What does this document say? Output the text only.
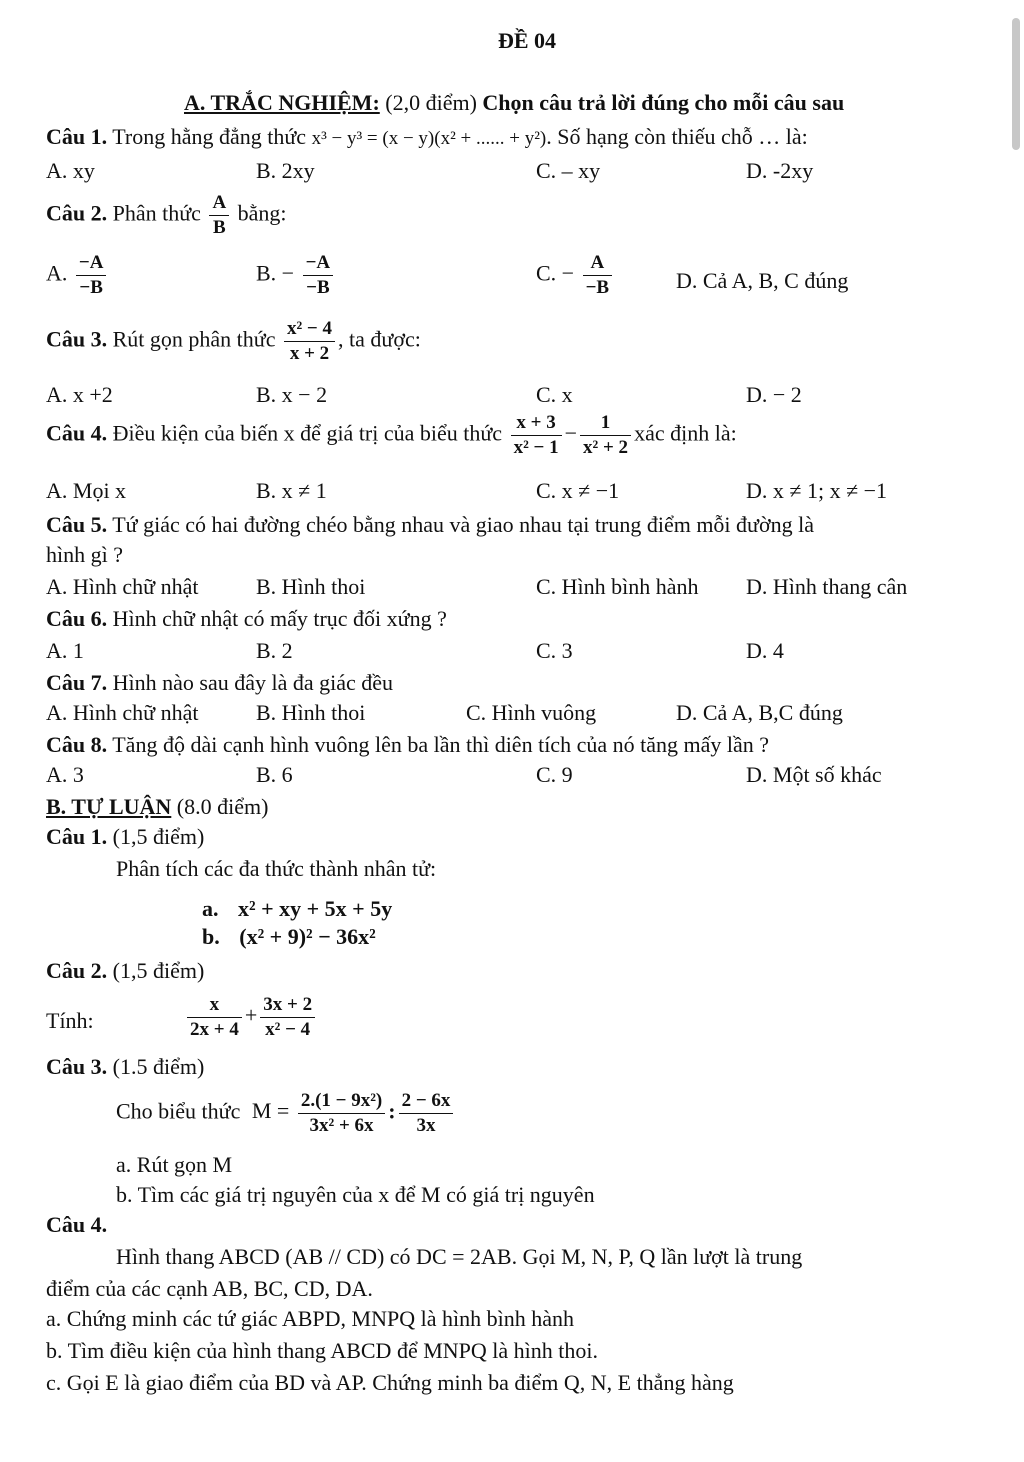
ĐỀ 04
A. TRẮC NGHIỆM: (2,0 điểm) Chọn câu trả lời đúng cho mỗi câu sau
Câu 1. Trong hằng đẳng thức x³ − y³ = (x − y)(x² + ...... + y²). Số hạng còn thiếu chỗ … là:
A. xy	B. 2xy	C. – xy	D. -2xy
Câu 2. Phân thức $\frac{A}{B}$ bằng:
A. $\frac{-A}{-B}$	B. − $\frac{-A}{-B}$	C. − $\frac{A}{-B}$	D. Cả A, B, C đúng
Câu 3. Rút gọn phân thức $\frac{\text{x² − 4}}{x + 2}$ , ta được:
A. x +2	B. x − 2	C. x	D. − 2
Câu 4. Điều kiện của biến x để giá trị của biểu thức $\frac{x + 3}{\text{x² − 1}} - \frac{1}{\text{x² + 2}}$ xác định là:
A. Mọi x	B. x ≠ 1	C. x ≠ −1	D. x ≠ 1; x ≠ −1
Câu 5. Tứ giác có hai đường chéo bằng nhau và giao nhau tại trung điểm mỗi đường là
hình gì ?
A. Hình chữ nhật	B. Hình thoi	C. Hình bình hành D. Hình thang cân
Câu 6. Hình chữ nhật có mấy trục đối xứng ?
A. 1	B. 2	C. 3	D. 4
Câu 7. Hình nào sau đây là đa giác đều
A. Hình chữ nhật	B. Hình thoi	C. Hình vuông	D. Cả A, B,C đúng
Câu 8. Tăng độ dài cạnh hình vuông lên ba lần thì diên tích của nó tăng mấy lần ?
A. 3	B. 6	C. 9	D. Một số khác
B. TỰ LUẬN (8.0 điểm)
Câu 1. (1,5 điểm)
Phân tích các đa thức thành nhân tử:
a. x² + xy + 5x + 5y
b. (x² + 9)² − 36x²
Câu 2. (1,5 điểm)
Tính:	$\frac{x}{2x + 4} + \frac{3x + 2}{\text{x² − 4}}$
Câu 3. (1.5 điểm)
Cho biểu thức $M = \frac{\text{2.(1 − 9x²)}}{\text{3x² + 6x}}$ : $\frac{2 - 6x}{3x}$
a. Rút gọn M
b. Tìm các giá trị nguyên của x để M có giá trị nguyên
Câu 4.
Hình thang ABCD (AB // CD) có DC = 2AB. Gọi M, N, P, Q lần lượt là trung
điểm của các cạnh AB, BC, CD, DA.
a. Chứng minh các tứ giác ABPD, MNPQ là hình bình hành
b. Tìm điều kiện của hình thang ABCD để MNPQ là hình thoi.
c. Gọi E là giao điểm của BD và AP. Chứng minh ba điểm Q, N, E thẳng hàng
